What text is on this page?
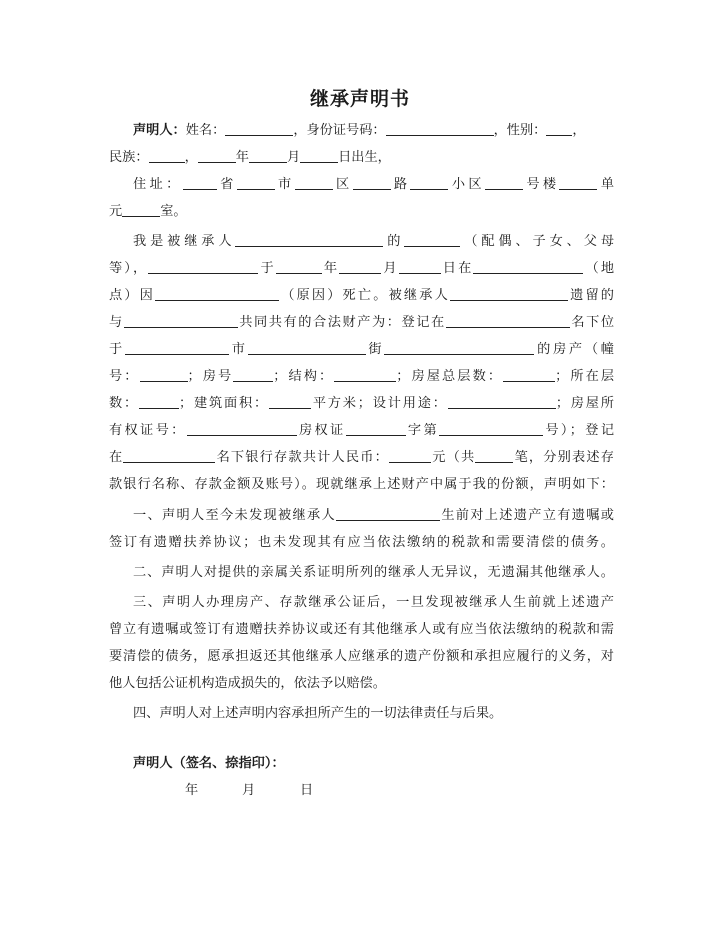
继承声明书
声明人：姓名：	，身份证号码：	，性别： ，
民族：	，	年	月	日出生，
住址：	省	市	区	路	小区	号楼	单
元	室。
我是被继承人	的	（配偶、子女、父母
等），	于	年	月	日在	（地
点）因	（原因）死亡。被继承人	遗留的
与	共同共有的合法财产为：登记在	名下位
于	市	街	的房产（幢
号：	；房号	；结构：	；房屋总层数：	；所在层
数：	；建筑面积：	平方米；设计用途：	；房屋所
有权证号：	房权证	字第	号）；登记
在	名下银行存款共计人民币：	元（共	笔，分别表述存
款银行名称、存款金额及账号）。现就继承上述财产中属于我的份额，声明如下：
一、声明人至今未发现被继承人	生前对上述遗产立有遗嘱或
签订有遗赠扶养协议；也未发现其有应当依法缴纳的税款和需要清偿的债务。
二、声明人对提供的亲属关系证明所列的继承人无异议，无遗漏其他继承人。
三、声明人办理房产、存款继承公证后，一旦发现被继承人生前就上述遗产
曾立有遗嘱或签订有遗赠扶养协议或还有其他继承人或有应当依法缴纳的税款和需
要清偿的债务，愿承担返还其他继承人应继承的遗产份额和承担应履行的义务，对
他人包括公证机构造成损失的，依法予以赔偿。
四、声明人对上述声明内容承担所产生的一切法律责任与后果。
声明人（签名、捺指印）：
年	月	日
